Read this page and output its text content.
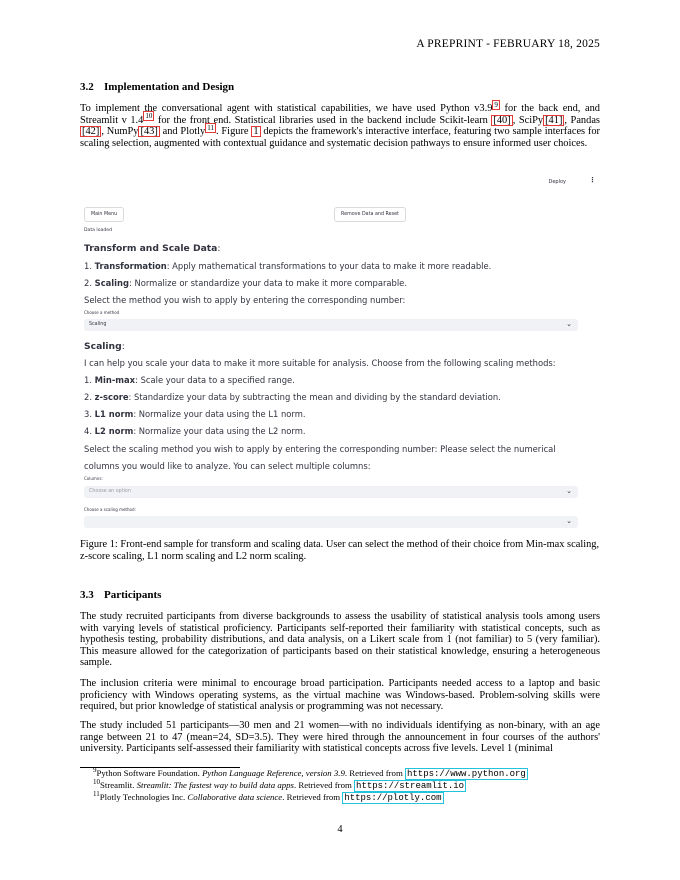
A PREPRINT - FEBRUARY 18, 2025
3.2 Implementation and Design
To implement the conversational agent with statistical capabilities, we have used Python v3.9 $^9$ for the back end, and Streamlit v 1.4 $^{10}$ for the front end. Statistical libraries used in the backend include Scikit-learn [40] , SciPy [41] , Pandas[42] , NumPy [43] and Plotly $^{11}$ . Figure 1 depicts the framework's interactive interface, featuring two sample interfaces for scaling selection, augmented with contextual guidance and systematic decision pathways to ensure informed user choices.
Deploy	⋮
Main Menu	Remove Data and Reset
Data loaded
Transform and Scale Data:
1. Transformation: Apply mathematical transformations to your data to make it more readable.
2. Scaling: Normalize or standardize your data to make it more comparable.
Select the method you wish to apply by entering the corresponding number:
Choose a method
Scaling	⌄
Scaling:
I can help you scale your data to make it more suitable for analysis. Choose from the following scaling methods:
1. Min-max: Scale your data to a specified range.
2. z-score: Standardize your data by subtracting the mean and dividing by the standard deviation.
3. L1 norm: Normalize your data using the L1 norm.
4. L2 norm: Normalize your data using the L2 norm.
Select the scaling method you wish to apply by entering the corresponding number: Please select the numerical
columns you would like to analyze. You can select multiple columns:
Columns:
Choose an option	⌄
Choose a scaling method:
⌄
Figure 1: Front-end sample for transform and scaling data. User can select the method of their choice from Min-max scaling, z-score scaling, L1 norm scaling and L2 norm scaling.
3.3 Participants
The study recruited participants from diverse backgrounds to assess the usability of statistical analysis tools among users with varying levels of statistical proficiency. Participants self-reported their familiarity with statistical concepts, such as hypothesis testing, probability distributions, and data analysis, on a Likert scale from 1 (not familiar) to 5 (very familiar). This measure allowed for the categorization of participants based on their statistical knowledge, ensuring a heterogeneous sample.
The inclusion criteria were minimal to encourage broad participation. Participants needed access to a laptop and basic proficiency with Windows operating systems, as the virtual machine was Windows-based. Problem-solving skills were required, but prior knowledge of statistical analysis or programming was not necessary.
The study included 51 participants—30 men and 21 women—with no individuals identifying as non-binary, with an age range between 21 to 47 (mean=24, SD=3.5). They were hired through the announcement in four courses of the authors' university. Participants self-assessed their familiarity with statistical concepts across five levels. Level 1 (minimal
$^9$Python Software Foundation. Python Language Reference, version 3.9. Retrieved from https://www.python.org
$^{10}$Streamlit. Streamlit: The fastest way to build data apps. Retrieved from https://streamlit.io
$^{11}$Plotly Technologies Inc. Collaborative data science. Retrieved from https://plotly.com
4
